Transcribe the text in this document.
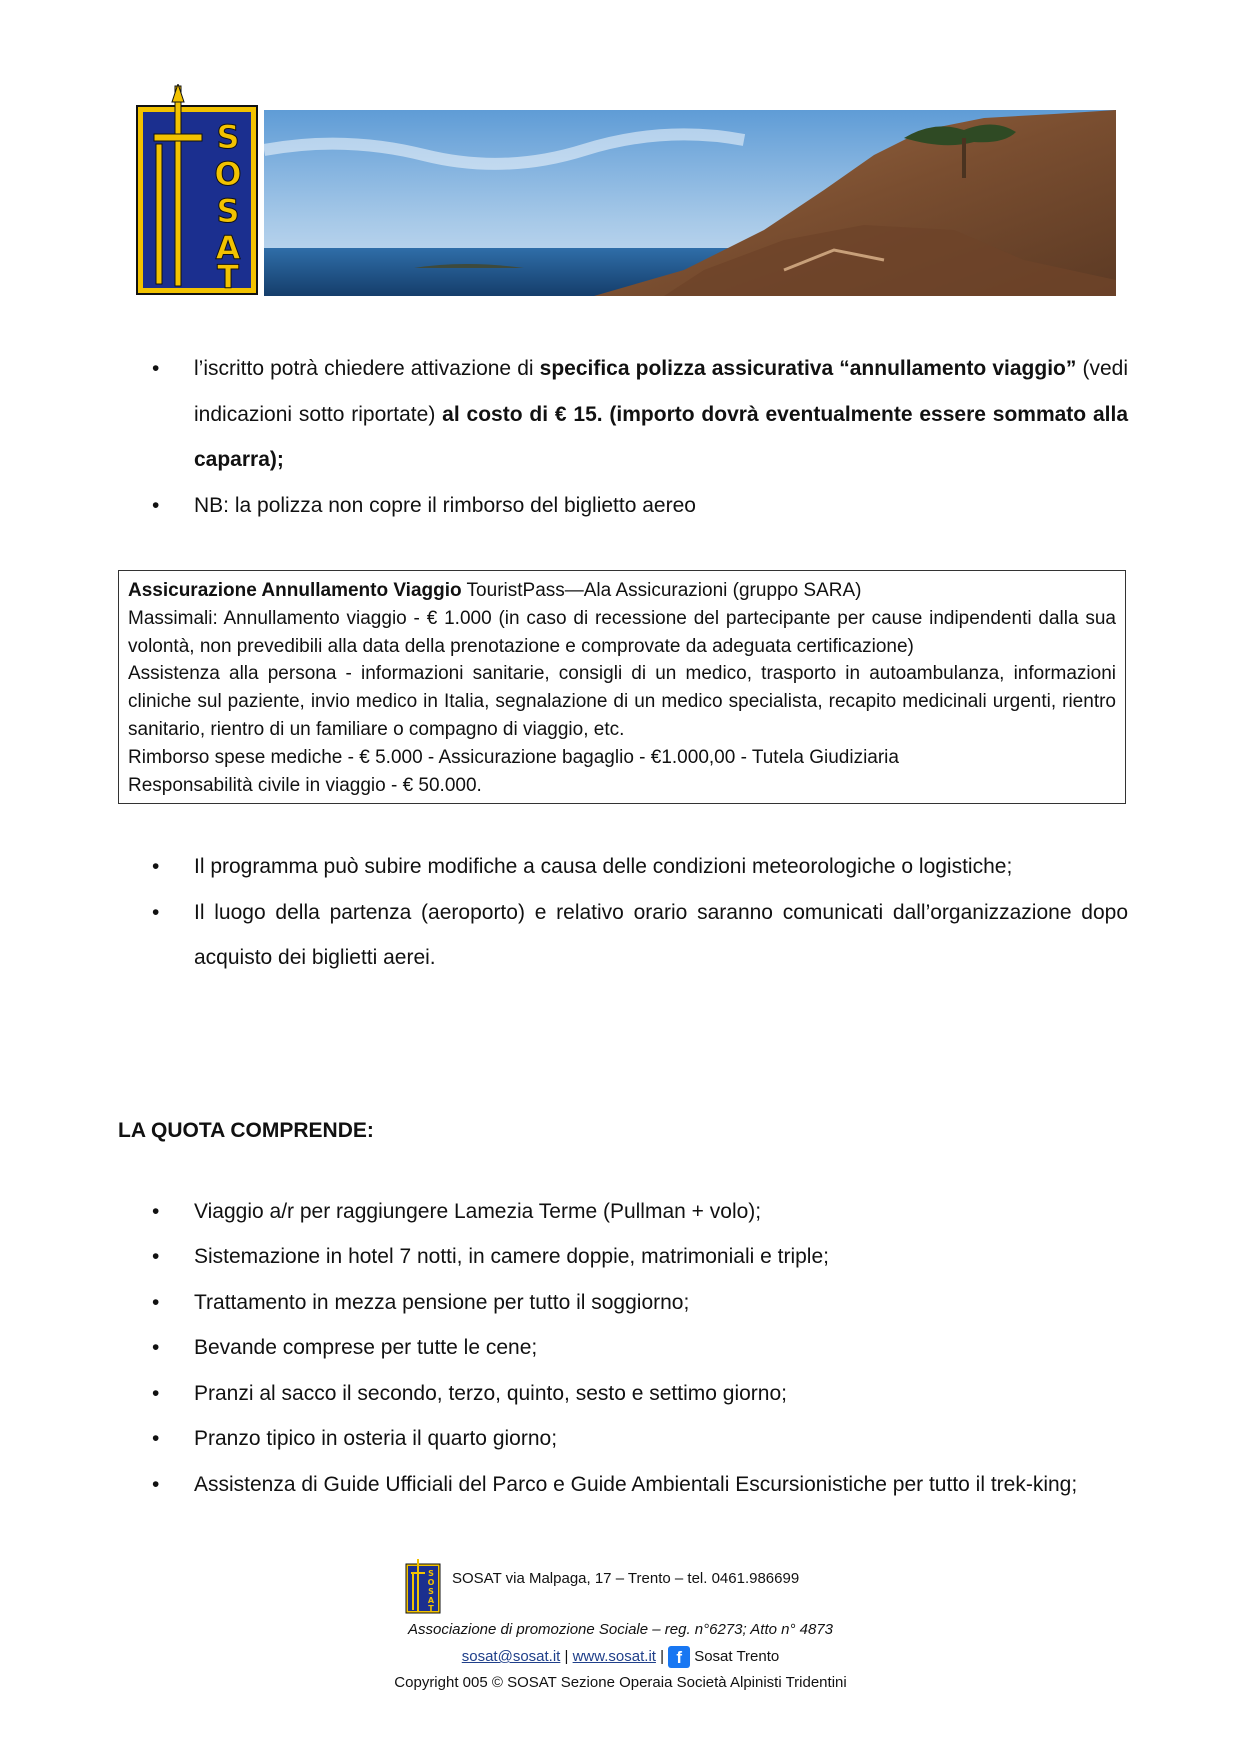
S
O
S
A
T
• l’iscritto potrà chiedere attivazione di specifica polizza assicurativa “annullamento viaggio” (vedi indicazioni sotto riportate) al costo di € 15. (importo dovrà eventualmente essere sommato alla caparra);
• NB: la polizza non copre il rimborso del biglietto aereo

Assicurazione Annullamento Viaggio TouristPass—Ala Assicurazioni (gruppo SARA)

Massimali: Annullamento viaggio - € 1.000 (in caso di recessione del partecipante per cause indipendenti dalla sua volontà, non prevedibili alla data della prenotazione e comprovate da adeguata certificazione)

Assistenza alla persona - informazioni sanitarie, consigli di un medico, trasporto in autoambulanza, informazioni cliniche sul paziente, invio medico in Italia, segnalazione di un medico specialista, recapito medicinali urgenti, rientro sanitario, rientro di un familiare o compagno di viaggio, etc.

Rimborso spese mediche - € 5.000 - Assicurazione bagaglio - €1.000,00 - Tutela Giudiziaria

Responsabilità civile in viaggio - € 50.000.

• Il programma può subire modifiche a causa delle condizioni meteorologiche o logistiche;
• Il luogo della partenza (aeroporto) e relativo orario saranno comunicati dall’organizzazione dopo acquisto dei biglietti aerei.
LA QUOTA COMPRENDE:
• Viaggio a/r per raggiungere Lamezia Terme (Pullman + volo);
• Sistemazione in hotel 7 notti, in camere doppie, matrimoniali e triple;
• Trattamento in mezza pensione per tutto il soggiorno;
• Bevande comprese per tutte le cene;
• Pranzi al sacco il secondo, terzo, quinto, sesto e settimo giorno;
• Pranzo tipico in osteria il quarto giorno;
• Assistenza di Guide Ufficiali del Parco e Guide Ambientali Escursionistiche per tutto il trek-king;
S
O
S
A
T
SOSAT via Malpaga, 17 – Trento – tel. 0461.986699
Associazione di promozione Sociale – reg. n°6273; Atto n° 4873
sosat@sosat.it | www.sosat.it | f Sosat Trento
Copyright 005 © SOSAT Sezione Operaia Società Alpinisti Tridentini
